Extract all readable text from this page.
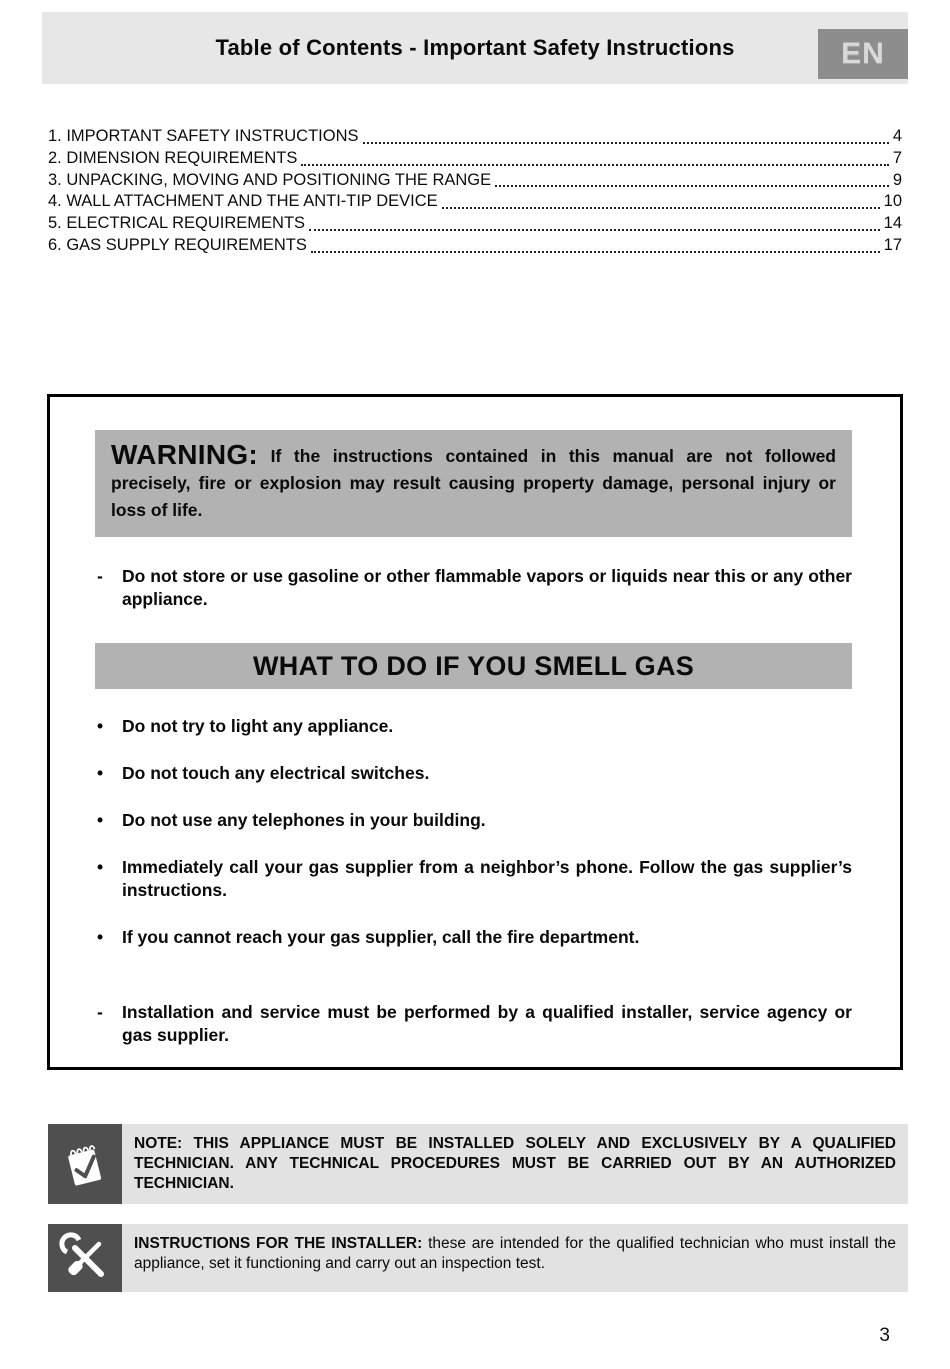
Table of Contents - Important Safety Instructions	EN
1. IMPORTANT SAFETY INSTRUCTIONS	4
2. DIMENSION REQUIREMENTS	7
3. UNPACKING, MOVING AND POSITIONING THE RANGE	9
4. WALL ATTACHMENT AND THE ANTI-TIP DEVICE	10
5. ELECTRICAL REQUIREMENTS	14
6. GAS SUPPLY REQUIREMENTS	17

WARNING: If the instructions contained in this manual are not followed precisely, fire or explosion may result causing property damage, personal injury or loss of life.

-	Do not store or use gasoline or other flammable vapors or liquids near this or any other appliance.
WHAT TO DO IF YOU SMELL GAS
•	Do not try to light any appliance.
•	Do not touch any electrical switches.
•	Do not use any telephones in your building.
•	Immediately call your gas supplier from a neighbor’s phone. Follow the gas supplier’s instructions.
•	If you cannot reach your gas supplier, call the fire department.
-	Installation and service must be performed by a qualified installer, service agency or gas supplier.

NOTE: THIS APPLIANCE MUST BE INSTALLED SOLELY AND EXCLUSIVELY BY A QUALIFIED TECHNICIAN. ANY TECHNICAL PROCEDURES MUST BE CARRIED OUT BY AN AUTHORIZED TECHNICIAN.

INSTRUCTIONS FOR THE INSTALLER: these are intended for the qualified technician who must install the appliance, set it functioning and carry out an inspection test.

3
